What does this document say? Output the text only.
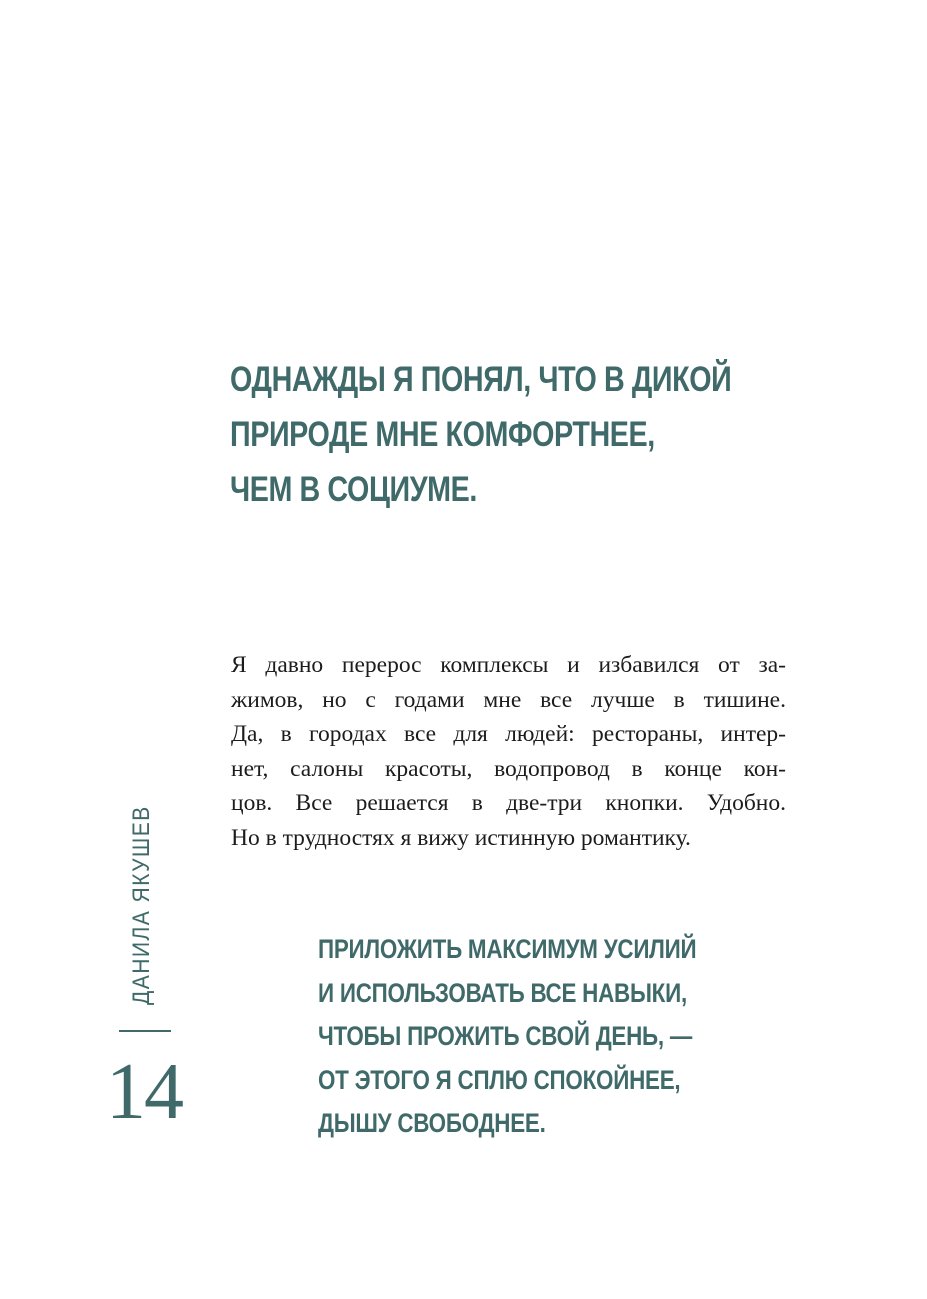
ОДНАЖДЫ Я ПОНЯЛ, ЧТО В ДИКОЙ
ПРИРОДЕ МНЕ КОМФОРТНЕЕ,
ЧЕМ В СОЦИУМЕ.
Я давно перерос комплексы и избавился от за-
жимов, но с годами мне все лучше в тишине.
Да, в городах все для людей: рестораны, интер-
нет, салоны красоты, водопровод в конце кон-
цов. Все решается в две-три кнопки. Удобно.
Но в трудностях я вижу истинную романтику.
ПРИЛОЖИТЬ МАКСИМУМ УСИЛИЙ
И ИСПОЛЬЗОВАТЬ ВСЕ НАВЫКИ,
ЧТОБЫ ПРОЖИТЬ СВОЙ ДЕНЬ, —
ОТ ЭТОГО Я СПЛЮ СПОКОЙНЕЕ,
ДЫШУ СВОБОДНЕЕ.
ДАНИЛА ЯКУШЕВ
14
